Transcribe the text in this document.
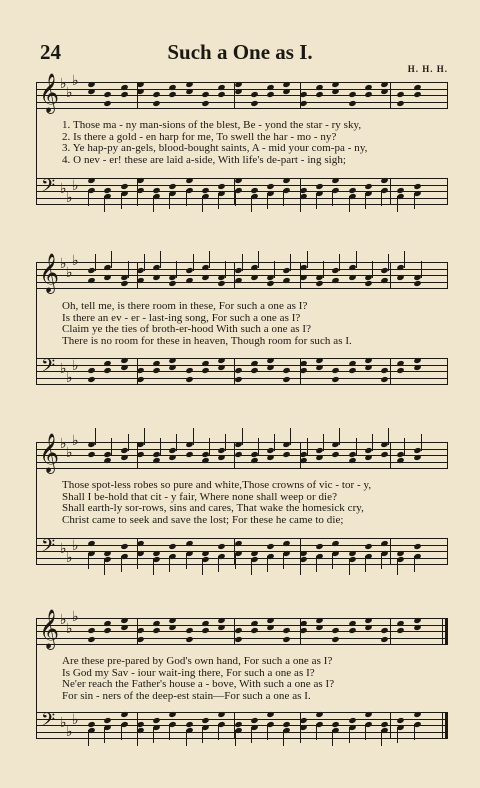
24	Such a One as I.
H. H. H.
𝄞 ♭
♭
♭
1. Those ma - ny man-sions of the blest, Be - yond the star - ry sky,
2. Is there a gold - en harp for me, To swell the har - mo - ny?
3. Ye hap-py an-gels, blood-bought saints, A - mid your com-pa - ny,
4. O nev - er! these are laid a-side, With life's de-part - ing sigh;
𝄢 ♭
♭
♭
𝄞 ♭
♭
♭
Oh, tell me, is there room in these, For such a one as I?
Is there an ev - er - last-ing song, For such a one as I?
Claim ye the ties of broth-er-hood With such a one as I?
There is no room for these in heaven, Though room for such as I.
𝄢 ♭
♭
♭
𝄞 ♭
♭
♭
Those spot-less robes so pure and white,Those crowns of vic - tor - y,
Shall I be-hold that cit - y fair, Where none shall weep or die?
Shall earth-ly sor-rows, sins and cares, That wake the homesick cry,
Christ came to seek and save the lost; For these he came to die;
𝄢 ♭
♭
♭
𝄞 ♭
♭
♭
Are these pre-pared by God's own hand, For such a one as I?
Is God my Sav - iour wait-ing there, For such a one as I?
Ne'er reach the Father's house a - bove, With such a one as I?
For sin - ners of the deep-est stain—For such a one as I.
𝄢 ♭
♭
♭
